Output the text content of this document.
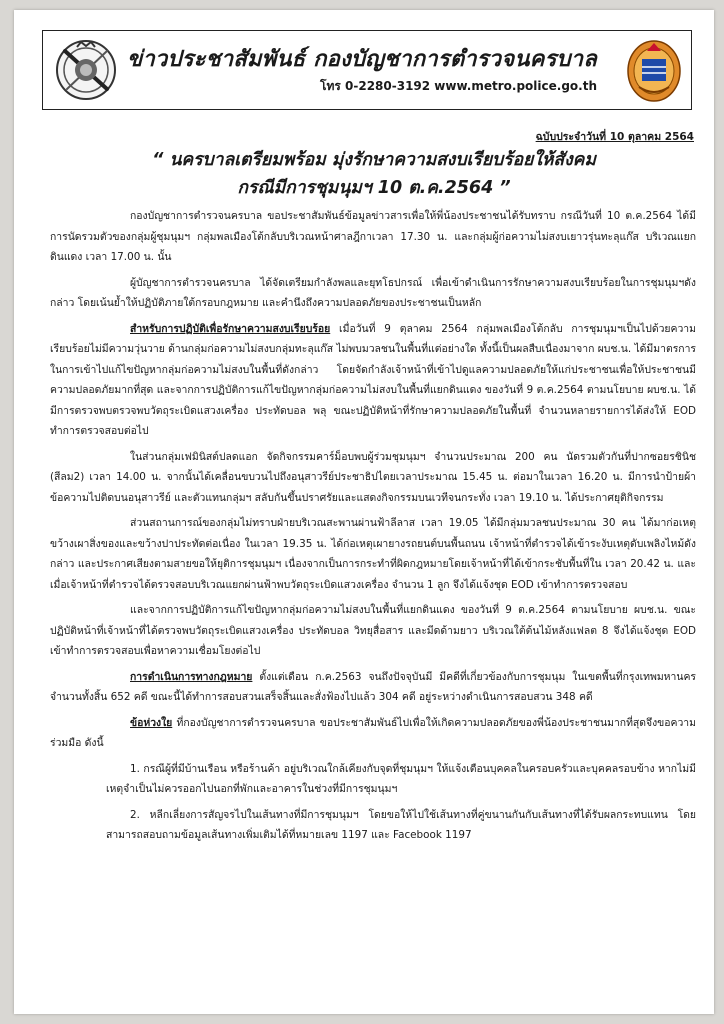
ข่าวประชาสัมพันธ์ กองบัญชาการตำรวจนครบาล
โทร 0-2280-3192 www.metro.police.go.th
ฉบับประจำวันที่ 10 ตุลาคม 2564
“ นครบาลเตรียมพร้อม มุ่งรักษาความสงบเรียบร้อยให้สังคม
กรณีมีการชุมนุมฯ 10 ต.ค.2564 ”

กองบัญชาการตำรวจนครบาล ขอประชาสัมพันธ์ข้อมูลข่าวสารเพื่อให้พี่น้องประชาชนได้รับทราบ กรณีวันที่ 10 ต.ค.2564 ได้มีการนัดรวมตัวของกลุ่มผู้ชุมนุมฯ กลุ่มพลเมืองโต้กลับบริเวณหน้าศาลฎีกาเวลา 17.30 น. และกลุ่มผู้ก่อความไม่สงบเยาวรุ่นทะลุแก๊ส บริเวณแยกดินแดง เวลา 17.00 น. นั้น

ผู้บัญชาการตำรวจนครบาล ได้จัดเตรียมกำลังพลและยุทโธปกรณ์ เพื่อเข้าดำเนินการรักษาความสงบเรียบร้อยในการชุมนุมฯดังกล่าว โดยเน้นย้ำให้ปฏิบัติภายใต้กรอบกฎหมาย และคำนึงถึงความปลอดภัยของประชาชนเป็นหลัก

สำหรับการปฏิบัติเพื่อรักษาความสงบเรียบร้อย เมื่อวันที่ 9 ตุลาคม 2564 กลุ่มพลเมืองโต้กลับ การชุมนุมฯเป็นไปด้วยความเรียบร้อยไม่มีความวุ่นวาย ด้านกลุ่มก่อความไม่สงบกลุ่มทะลุแก๊ส ไม่พบมวลชนในพื้นที่แต่อย่างใด ทั้งนี้เป็นผลสืบเนื่องมาจาก ผบช.น. ได้มีมาตรการในการเข้าไปแก้ไขปัญหากลุ่มก่อความไม่สงบในพื้นที่ดังกล่าว โดยจัดกำลังเจ้าหน้าที่เข้าไปดูแลความปลอดภัยให้แก่ประชาชนเพื่อให้ประชาชนมีความปลอดภัยมากที่สุด และจากการปฏิบัติการแก้ไขปัญหากลุ่มก่อความไม่สงบในพื้นที่แยกดินแดง ของวันที่ 9 ต.ค.2564 ตามนโยบาย ผบช.น. ได้มีการตรวจพบตรวจพบวัตถุระเบิดแสวงเครื่อง ประทัดบอล พลุ ขณะปฏิบัติหน้าที่รักษาความปลอดภัยในพื้นที่ จำนวนหลายรายการได้ส่งให้ EOD ทำการตรวจสอบต่อไป

ในส่วนกลุ่มเฟมินิสต์ปลดแอก จัดกิจกรรมคาร์ม็อบพบผู้ร่วมชุมนุมฯ จำนวนประมาณ 200 คน นัดรวมตัวกันที่ปากซอยรชินิช (สีลม2) เวลา 14.00 น. จากนั้นได้เคลื่อนขบวนไปถึงอนุสาวรีย์ประชาธิปไตยเวลาประมาณ 15.45 น. ต่อมาในเวลา 16.20 น. มีการนำป้ายผ้าข้อความไปติดบนอนุสาวรีย์ และตัวแทนกลุ่มฯ สลับกันขึ้นปราศรัยและแสดงกิจกรรมบนเวทีจนกระทั่ง เวลา 19.10 น. ได้ประกาศยุติกิจกรรม

ส่วนสถานการณ์ของกลุ่มไม่ทราบฝ่ายบริเวณสะพานผ่านฟ้าลีลาส เวลา 19.05 ได้มีกลุ่มมวลชนประมาณ 30 คน ได้มาก่อเหตุขว้างเผาสิ่งของและขว้างปาประทัดต่อเนื่อง ในเวลา 19.35 น. ได้ก่อเหตุเผายางรถยนต์บนพื้นถนน เจ้าหน้าที่ตำรวจได้เข้าระงับเหตุดับเพลิงไหม้ดังกล่าว และประกาศเสียงตามสายขอให้ยุติการชุมนุมฯ เนื่องจากเป็นการกระทำที่ผิดกฎหมายโดยเจ้าหน้าที่ได้เข้ากระชับพื้นที่ใน เวลา 20.42 น. และเมื่อเจ้าหน้าที่ตำรวจได้ตรวจสอบบริเวณแยกผ่านฟ้าพบวัตถุระเบิดแสวงเครื่อง จำนวน 1 ลูก จึงได้แจ้งชุด EOD เข้าทำการตรวจสอบ

และจากการปฏิบัติการแก้ไขปัญหากลุ่มก่อความไม่สงบในพื้นที่แยกดินแดง ของวันที่ 9 ต.ค.2564 ตามนโยบาย ผบช.น. ขณะปฏิบัติหน้าที่เจ้าหน้าที่ได้ตรวจพบวัตถุระเบิดแสวงเครื่อง ประทัดบอล วิทยุสื่อสาร และมีดด้ามยาว บริเวณใต้ต้นไม้หลังแฟลต 8 จึงได้แจ้งชุด EOD เข้าทำการตรวจสอบเพื่อหาความเชื่อมโยงต่อไป

การดำเนินการทางกฎหมาย ตั้งแต่เดือน ก.ค.2563 จนถึงปัจจุบันมี มีคดีที่เกี่ยวข้องกับการชุมนุม ในเขตพื้นที่กรุงเทพมหานคร จำนวนทั้งสิ้น 652 คดี ขณะนี้ได้ทำการสอบสวนเสร็จสิ้นและสั่งฟ้องไปแล้ว 304 คดี อยู่ระหว่างดำเนินการสอบสวน 348 คดี

ข้อห่วงใย ที่กองบัญชาการตำรวจนครบาล ขอประชาสัมพันธ์ไปเพื่อให้เกิดความปลอดภัยของพี่น้องประชาชนมากที่สุดจึงขอความร่วมมือ ดังนี้

1. กรณีผู้ที่มีบ้านเรือน หรือร้านค้า อยู่บริเวณใกล้เคียงกับจุดที่ชุมนุมฯ ให้แจ้งเตือนบุคคลในครอบครัวและบุคคลรอบข้าง หากไม่มีเหตุจำเป็นไม่ควรออกไปนอกที่พักและอาคารในช่วงที่มีการชุมนุมฯ

2. หลีกเลี่ยงการสัญจรไปในเส้นทางที่มีการชุมนุมฯ โดยขอให้ไปใช้เส้นทางที่คู่ขนานกันกับเส้นทางที่ได้รับผลกระทบแทน โดยสามารถสอบถามข้อมูลเส้นทางเพิ่มเติมได้ที่หมายเลข 1197 และ Facebook 1197
